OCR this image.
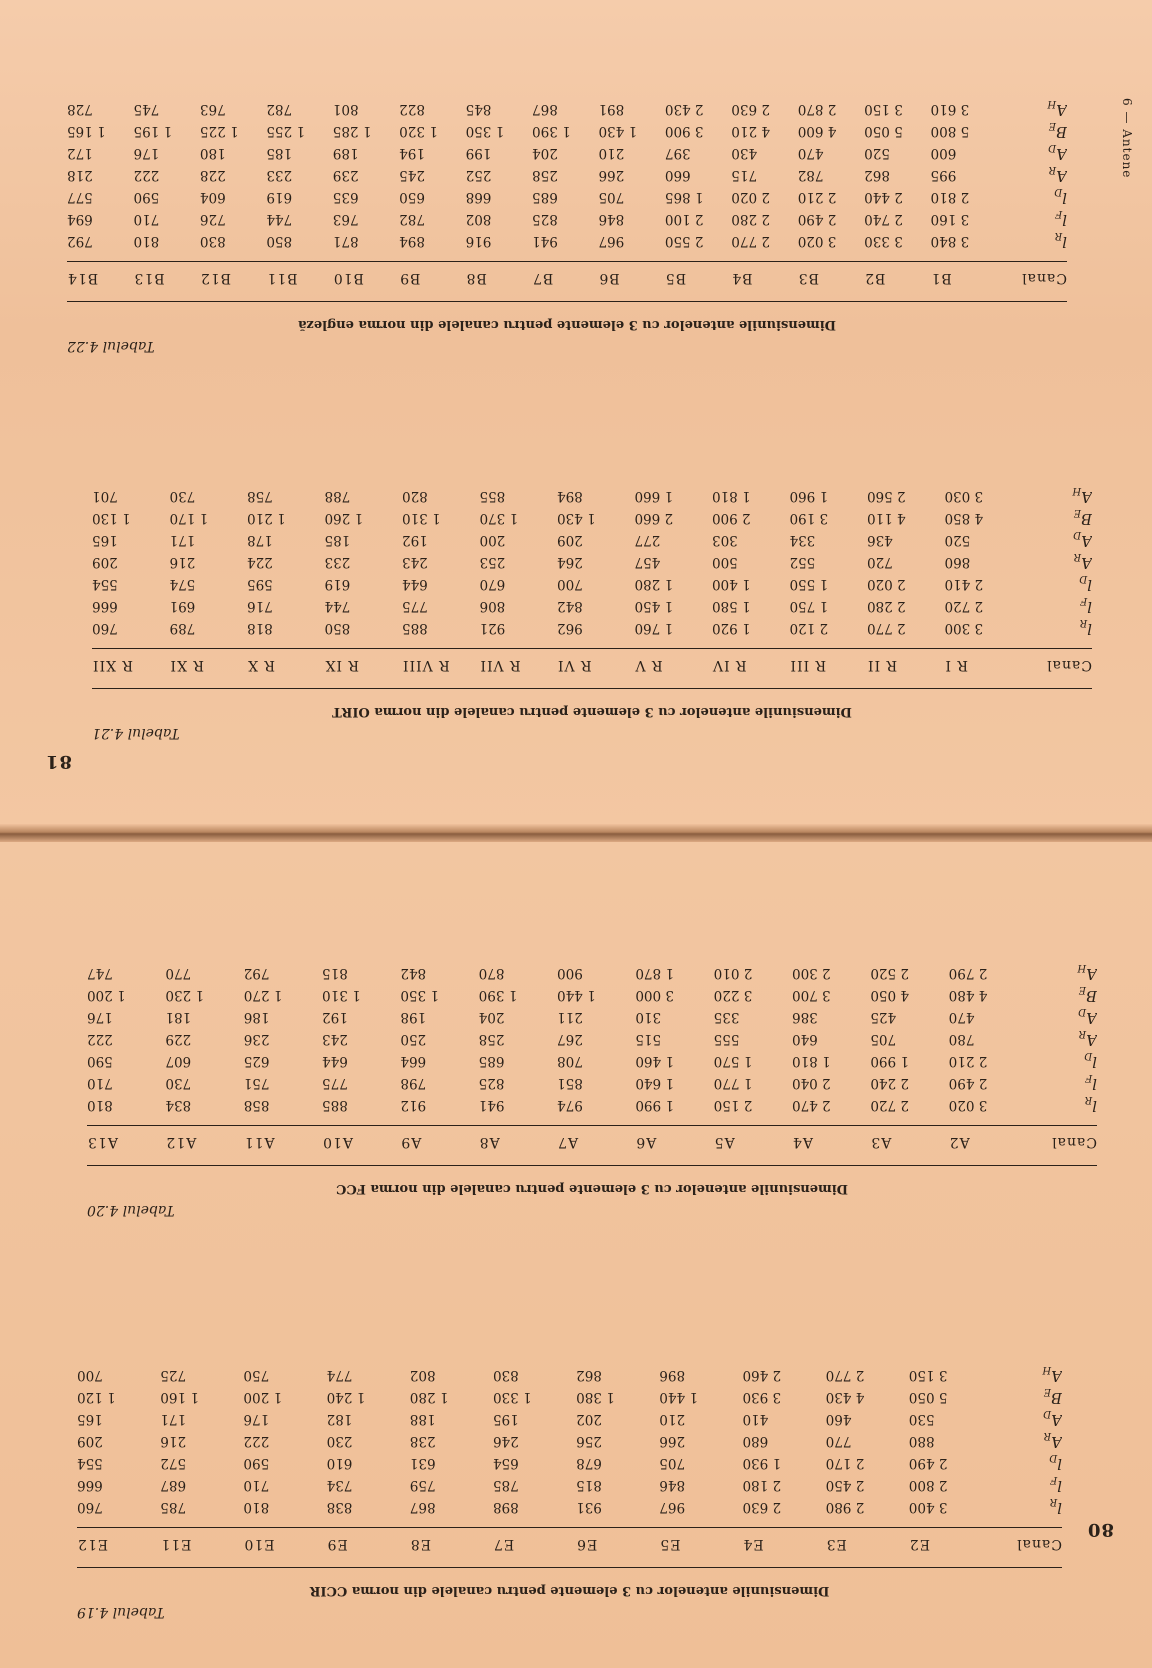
80
Tabelul 4.19
Dimensiunile antenelor cu 3 elemente pentru canalele din norma CCIR
Canal	E2	E3	E4	E5	E6	E7	E8	E9	E10	E11	E12

$l_R$	3 400	2 980	2 630	967	931	898	867	838	810	785	760
$l_F$	2 800	2 450	2 180	846	815	785	759	734	710	687	666
$l_D$	2 490	2 170	1 930	705	678	654	631	610	590	572	554
$A_R$	880	770	680	266	256	246	238	230	222	216	209
$A_D$	530	460	410	210	202	195	188	182	176	171	165
$B_E$	5 050	4 430	3 930	1 440	1 380	1 330	1 280	1 240	1 200	1 160	1 120
$A_H$	3 150	2 770	2 460	896	862	830	802	774	750	725	700
Tabelul 4.20
Dimensiunile antenelor cu 3 elemente pentru canalele din norma FCC
Canal	A2	A3	A4	A5	A6	A7	A8	A9	A10	A11	A12	A13

$l_R$	3 020	2 720	2 470	2 150	1 990	974	941	912	885	858	834	810
$l_F$	2 490	2 240	2 040	1 770	1 640	851	825	798	775	751	730	710
$l_D$	2 210	1 990	1 810	1 570	1 460	708	685	664	644	625	607	590
$A_R$	780	705	640	555	515	267	258	250	243	236	229	222
$A_D$	470	425	386	335	310	211	204	198	192	186	181	176
$B_E$	4 480	4 050	3 700	3 220	3 000	1 440	1 390	1 350	1 310	1 270	1 230	1 200
$A_H$	2 790	2 520	2 300	2 010	1 870	900	870	842	815	792	770	747
81
6 — Antene
Tabelul 4.21
Dimensiunile antenelor cu 3 elemente pentru canalele din norma OIRT
Canal	R I	R II	R III	R IV	R V	R VI	R VII	R VIII	R IX	R X	R XI	R XII

$l_R$	3 300	2 770	2 120	1 920	1 760	962	921	885	850	818	789	760
$l_F$	2 720	2 280	1 750	1 580	1 450	842	806	775	744	716	691	666
$l_D$	2 410	2 020	1 550	1 400	1 280	700	670	644	619	595	574	554
$A_R$	860	720	552	500	457	264	253	243	233	224	216	209
$A_D$	520	436	334	303	277	209	200	192	185	178	171	165
$B_E$	4 850	4 110	3 190	2 900	2 660	1 430	1 370	1 310	1 260	1 210	1 170	1 130
$A_H$	3 030	2 560	1 960	1 810	1 660	894	855	820	788	758	730	701
Tabelul 4.22
Dimensiunile antenelor cu 3 elemente pentru canalele din norma engleză
Canal	B1	B2	B3	B4	B5	B6	B7	B8	B9	B10	B11	B12	B13	B14

$l_R$	3 840	3 330	3 020	2 770	2 550	967	941	916	894	871	850	830	810	792
$l_F$	3 160	2 740	2 490	2 280	2 100	846	825	802	782	763	744	726	710	694
$l_D$	2 810	2 440	2 210	2 020	1 865	705	685	668	650	635	619	604	590	577
$A_R$	995	862	782	715	660	266	258	252	245	239	233	228	222	218
$A_D$	600	520	470	430	397	210	204	199	194	189	185	180	176	172
$B_E$	5 800	5 050	4 600	4 210	3 900	1 430	1 390	1 350	1 320	1 285	1 255	1 225	1 195	1 165
$A_H$	3 610	3 150	2 870	2 630	2 430	891	867	845	822	801	782	763	745	728
